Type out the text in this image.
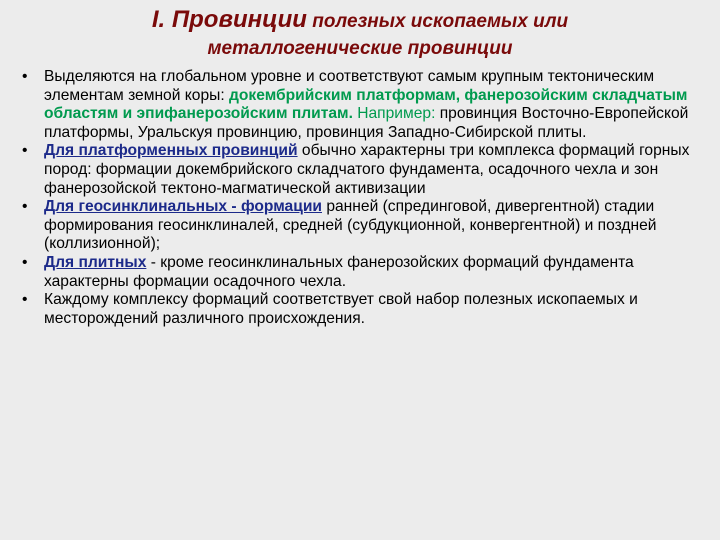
I. Провинции полезных ископаемых или
металлогенические провинции
• Выделяются на глобальном уровне и соответствуют самым крупным тектоническим элементам земной коры: докембрийским платформам, фанерозойским складчатым областям и эпифанерозойским плитам. Например: провинция Восточно-Европейской платформы, Уральскуя провинцию, провинция Западно-Сибирской плиты.
• Для платформенных провинций обычно характерны три комплекса формаций горных пород: формации докембрийского складчатого фундамента, осадочного чехла и зон фанерозойской тектоно-магматической активизации
• Для геосинклинальных - формации ранней (спрединговой, дивергентной) стадии формирования геосинклиналей, средней (субдукционной, конвергентной) и поздней (коллизионной);
• Для плитных - кроме геосинклинальных фанерозойских формаций фундамента характерны формации осадочного чехла.
• Каждому комплексу формаций соответствует свой набор полезных ископаемых и месторождений различного происхождения.
